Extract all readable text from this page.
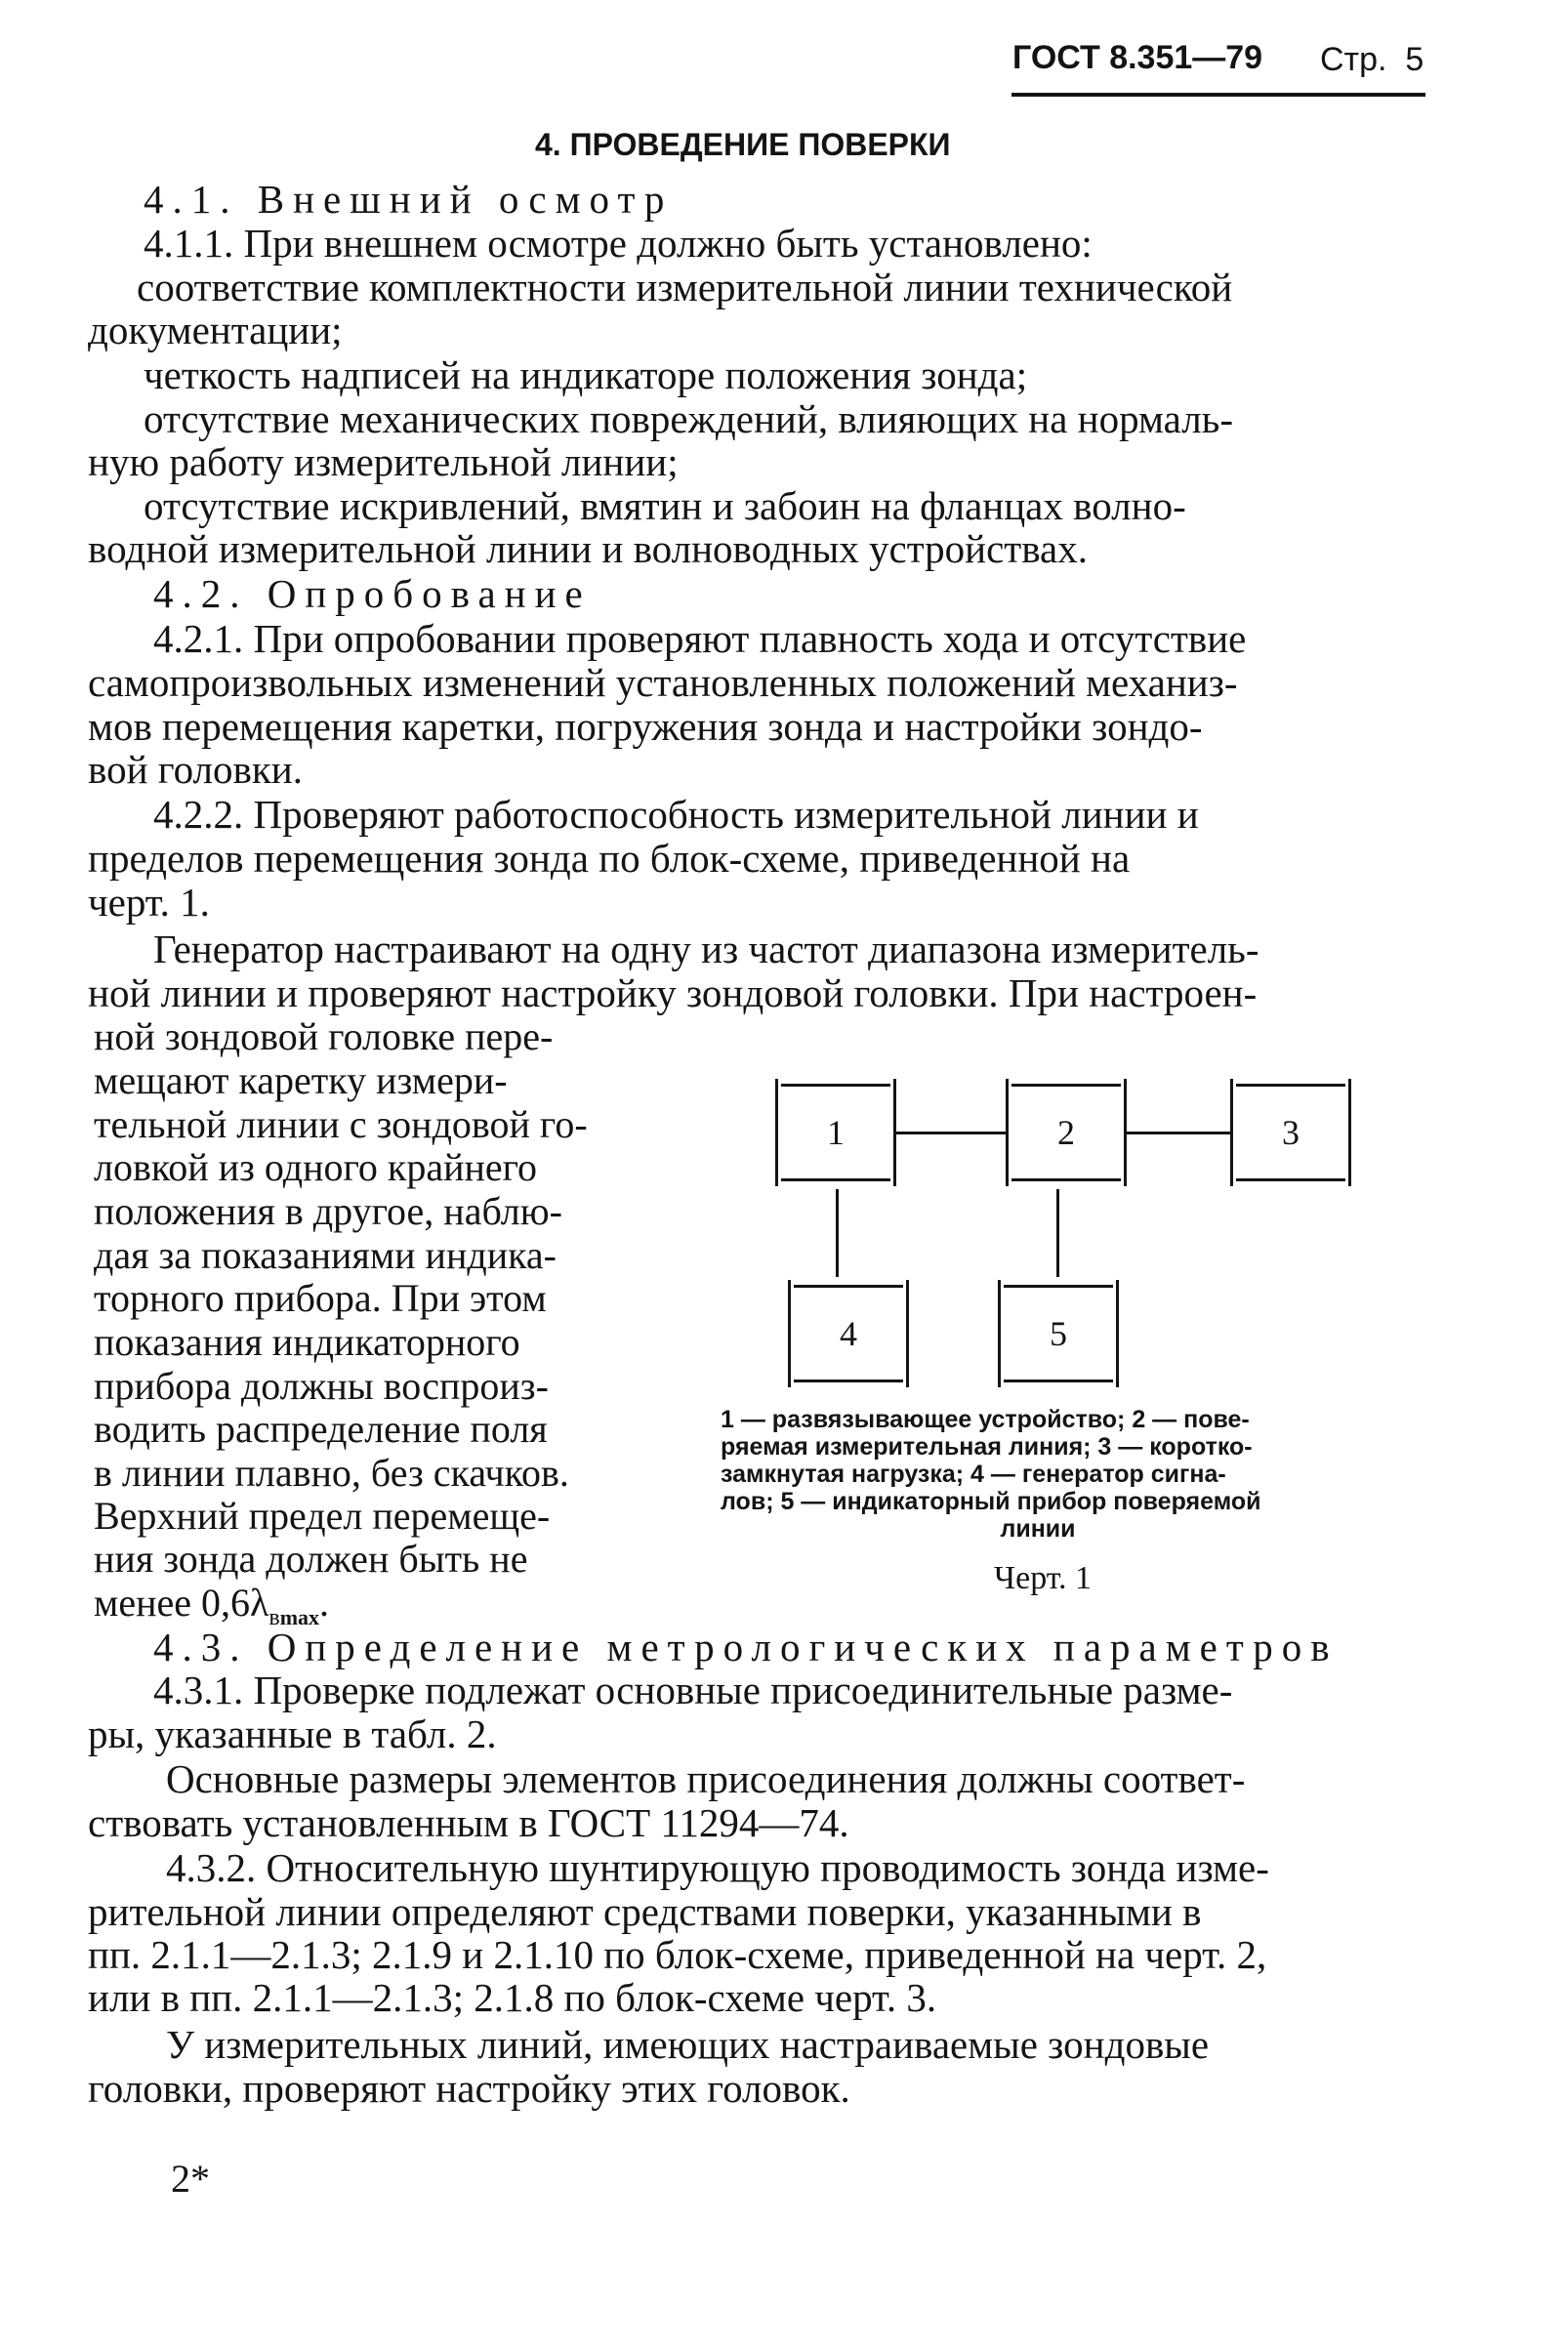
ГОСТ 8.351—79 Стр. 5
4. ПРОВЕДЕНИЕ ПОВЕРКИ
4.1. Внешний осмотр
4.1.1. При внешнем осмотре должно быть установлено:
соответствие комплектности измерительной линии технической
документации;
четкость надписей на индикаторе положения зонда;
отсутствие механических повреждений, влияющих на нормаль-
ную работу измерительной линии;
отсутствие искривлений, вмятин и забоин на фланцах волно-
водной измерительной линии и волноводных устройствах.
4.2. Опробование
4.2.1. При опробовании проверяют плавность хода и отсутствие
самопроизвольных изменений установленных положений механиз-
мов перемещения каретки, погружения зонда и настройки зондо-
вой головки.
4.2.2. Проверяют работоспособность измерительной линии и
пределов перемещения зонда по блок-схеме, приведенной на
черт. 1.
Генератор настраивают на одну из частот диапазона измеритель-
ной линии и проверяют настройку зондовой головки. При настроен-
ной зондовой головке пере-
мещают каретку измери-
тельной линии с зондовой го-
ловкой из одного крайнего
положения в другое, наблю-
дая за показаниями индика-
торного прибора. При этом
показания индикаторного
прибора должны воспроиз-
водить распределение поля
в линии плавно, без скачков.
Верхний предел перемеще-
ния зонда должен быть не
менее $0,6\lambda_{вmax}$.
1	2	3
4	5
1 — развязывающее устройство; 2 — пове-
ряемая измерительная линия; 3 — коротко-
замкнутая нагрузка; 4 — генератор сигна-
лов; 5 — индикаторный прибор поверяемой
линии
Черт. 1
4.3. Определение метрологических параметров
4.3.1. Проверке подлежат основные присоединительные разме-
ры, указанные в табл. 2.
Основные размеры элементов присоединения должны соответ-
ствовать установленным в ГОСТ 11294—74.
4.3.2. Относительную шунтирующую проводимость зонда изме-
рительной линии определяют средствами поверки, указанными в
пп. 2.1.1—2.1.3; 2.1.9 и 2.1.10 по блок-схеме, приведенной на черт. 2,
или в пп. 2.1.1—2.1.3; 2.1.8 по блок-схеме черт. 3.
У измерительных линий, имеющих настраиваемые зондовые
головки, проверяют настройку этих головок.
2*
